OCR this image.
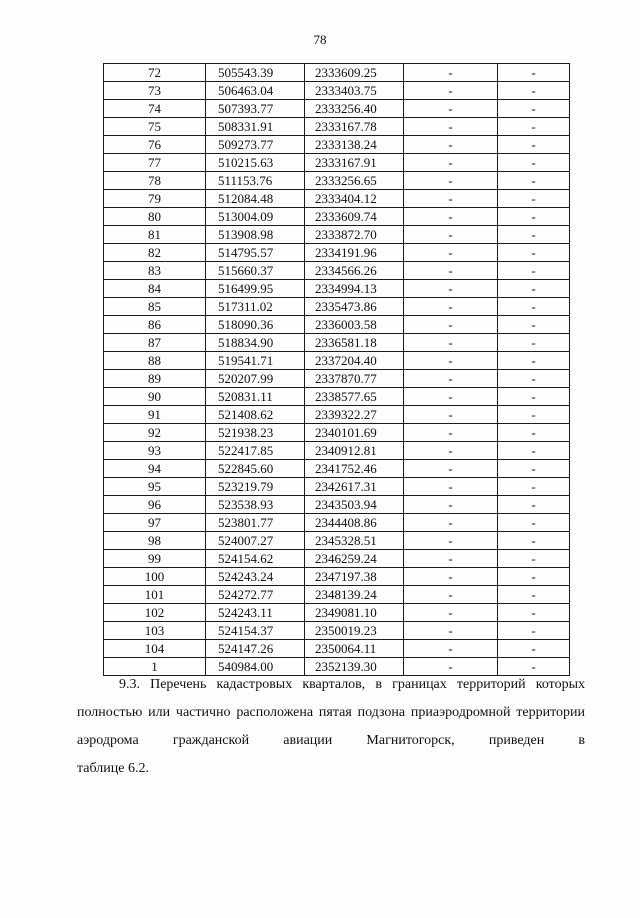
78
72	505543.39	2333609.25	-	-
73	506463.04	2333403.75	-	-
74	507393.77	2333256.40	-	-
75	508331.91	2333167.78	-	-
76	509273.77	2333138.24	-	-
77	510215.63	2333167.91	-	-
78	511153.76	2333256.65	-	-
79	512084.48	2333404.12	-	-
80	513004.09	2333609.74	-	-
81	513908.98	2333872.70	-	-
82	514795.57	2334191.96	-	-
83	515660.37	2334566.26	-	-
84	516499.95	2334994.13	-	-
85	517311.02	2335473.86	-	-
86	518090.36	2336003.58	-	-
87	518834.90	2336581.18	-	-
88	519541.71	2337204.40	-	-
89	520207.99	2337870.77	-	-
90	520831.11	2338577.65	-	-
91	521408.62	2339322.27	-	-
92	521938.23	2340101.69	-	-
93	522417.85	2340912.81	-	-
94	522845.60	2341752.46	-	-
95	523219.79	2342617.31	-	-
96	523538.93	2343503.94	-	-
97	523801.77	2344408.86	-	-
98	524007.27	2345328.51	-	-
99	524154.62	2346259.24	-	-
100	524243.24	2347197.38	-	-
101	524272.77	2348139.24	-	-
102	524243.11	2349081.10	-	-
103	524154.37	2350019.23	-	-
104	524147.26	2350064.11	-	-
1	540984.00	2352139.30	-	-
9.3. Перечень кадастровых кварталов, в границах территорий которых
полностью или частично расположена пятая подзона приаэродромной территории
аэродрома гражданской авиации Магнитогорск, приведен в
таблице 6.2.
